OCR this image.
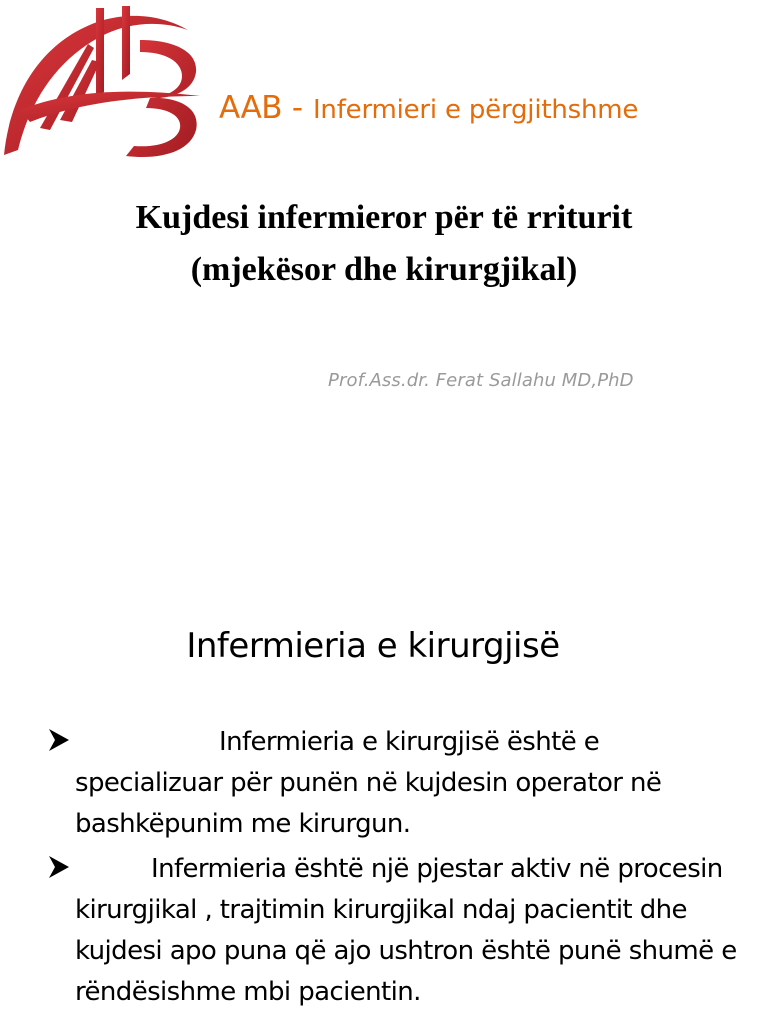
AAB - Infermieri e përgjithshme
Kujdesi infermieror për të rriturit
(mjekësor dhe kirurgjikal)
Prof.Ass.dr. Ferat Sallahu MD,PhD
Infermieria e kirurgjisë
Infermieria e kirurgjisë është e specializuar për punën në kujdesin operator në bashkëpunim me kirurgun.
Infermieria është një pjestar aktiv në procesin kirurgjikal , trajtimin kirurgjikal ndaj pacientit dhe kujdesi apo puna që ajo ushtron është punë shumë e rëndësishme mbi pacientin.
